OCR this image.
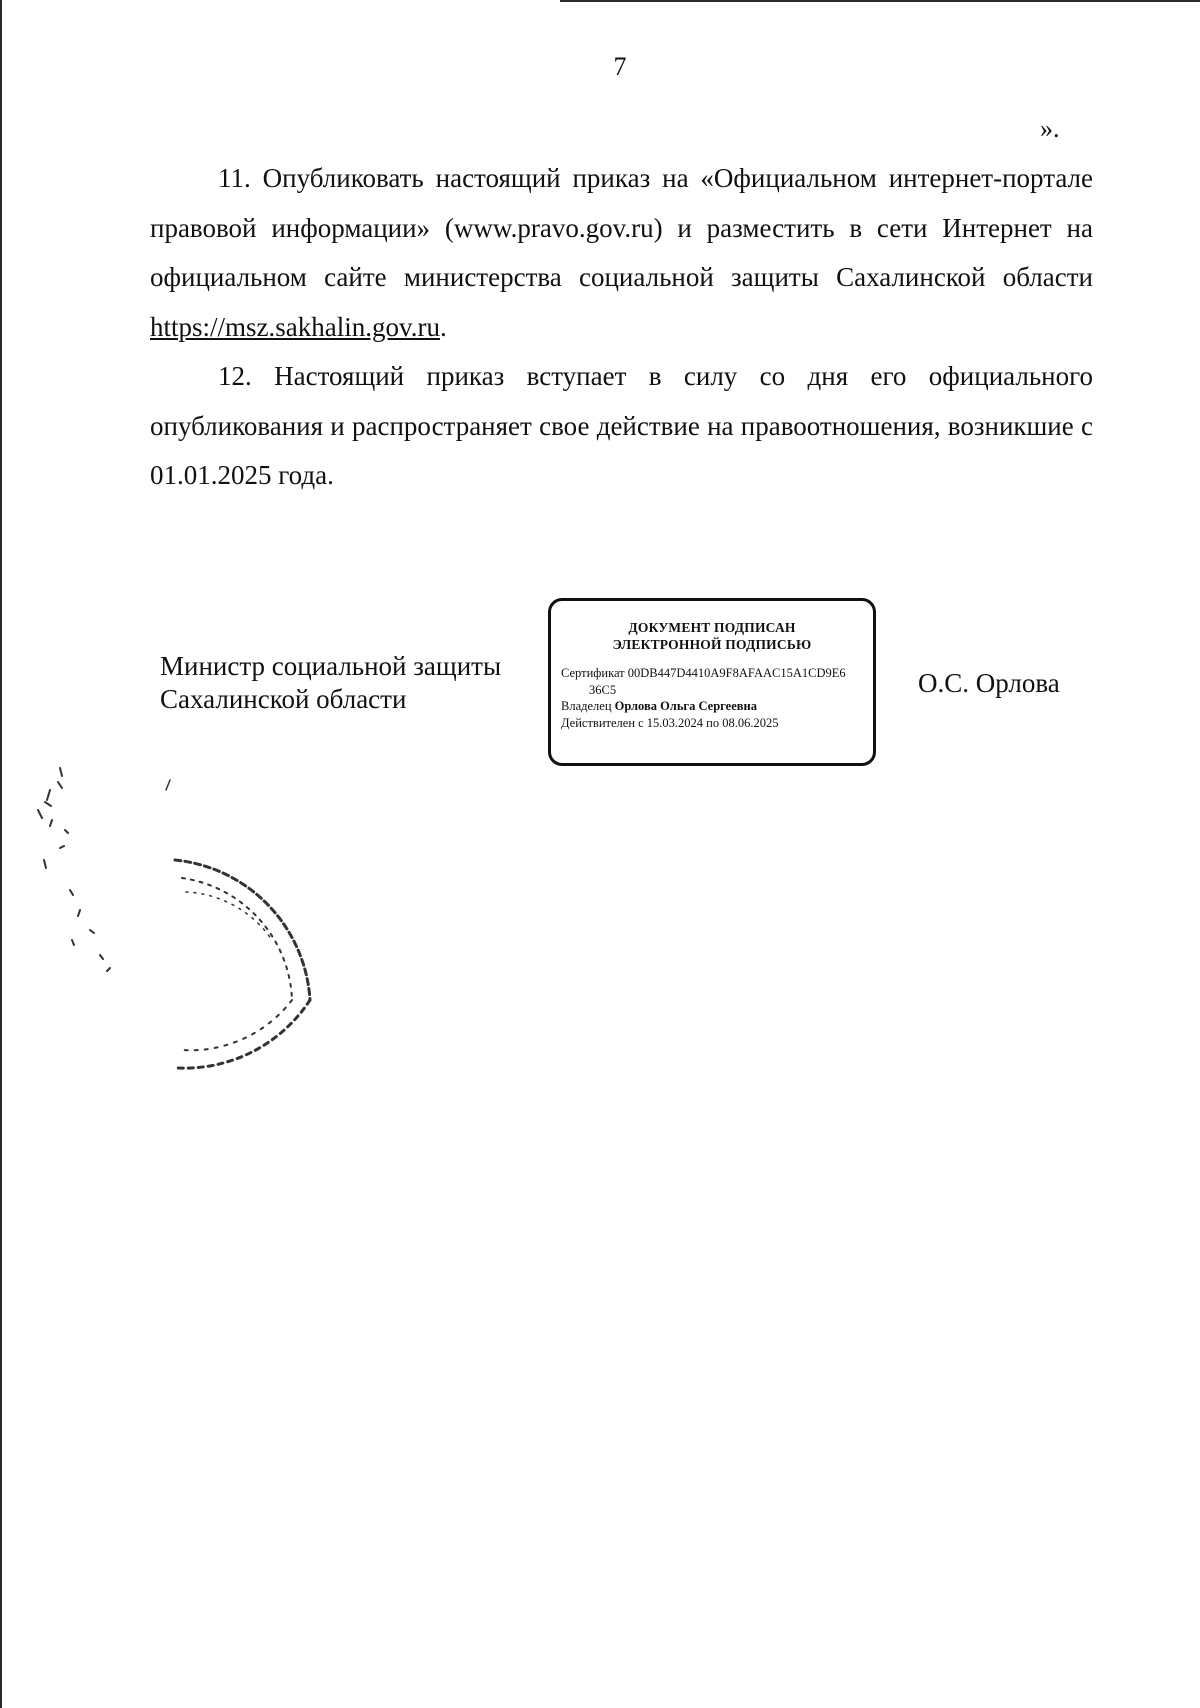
7
».

11. Опубликовать настоящий приказ на «Официальном интернет-портале правовой информации» (www.pravo.gov.ru) и разместить в сети Интернет на официальном сайте министерства социальной защиты Сахалинской области https://msz.sakhalin.gov.ru.

12. Настоящий приказ вступает в силу со дня его официального опубликования и распространяет свое действие на правоотношения, возникшие с 01.01.2025 года.

Министр социальной защиты
Сахалинской области
ДОКУМЕНТ ПОДПИСАН
ЭЛЕКТРОННОЙ ПОДПИСЬЮ
Сертификат 00DB447D4410A9F8AFAAC15A1CD9E6
36C5
Владелец Орлова Ольга Сергеевна
Действителен с 15.03.2024 по 08.06.2025
О.С. Орлова
